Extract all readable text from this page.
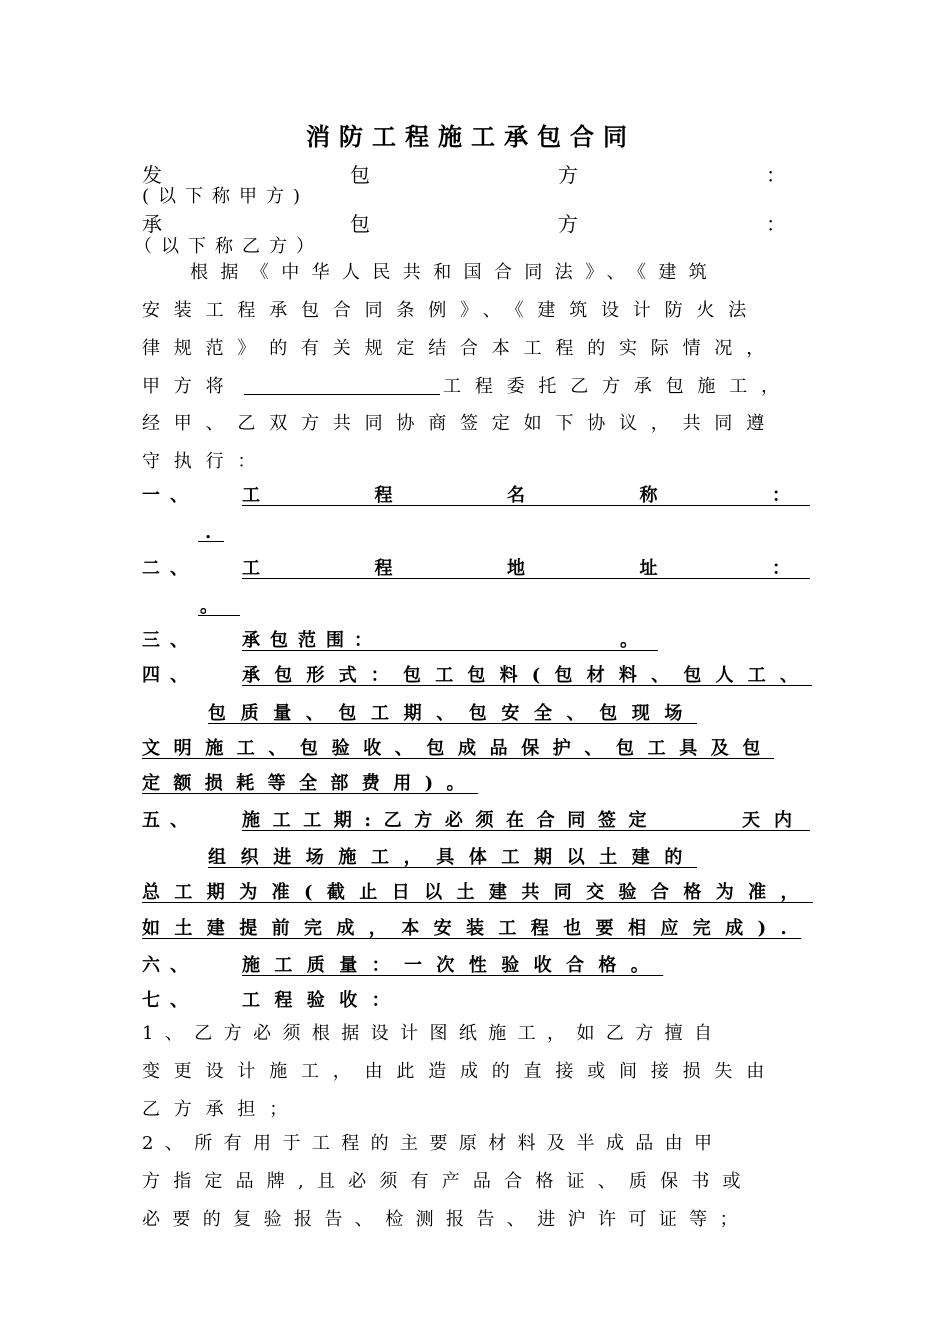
消防工程施工承包合同
发	包	方	：
(以下称甲方)
承	包	方	：
（以下称乙方）
根据《中华人民共和国合同法》、《建筑
安装工程承包合同条例》、《建筑设计防火法
律规范》的有关规定结合本工程的实际情况，
甲方将	工程委托乙方承包施工，
经甲、乙双方共同协商签定如下协议，共同遵
守执行：
一、 工	程	名	称	：
.
二、 工	程	地	址	：
。
三、 承包范围：	。
四、 承包形式：包工包料(包材料、包人工、
包质量、包工期、包安全、包现场
文明施工、包验收、包成品保护、包工具及包
定额损耗等全部费用)。
五、 施工工期:乙方必须在合同签定	天内
组织进场施工，具体工期以土建的
总工期为准(截止日以土建共同交验合格为准，
如土建提前完成，本安装工程也要相应完成).
六、 施工质量：一次性验收合格。
七、 工程验收：
1、乙方必须根据设计图纸施工，如乙方擅自
变更设计施工，由此造成的直接或间接损失由
乙方承担；
2、所有用于工程的主要原材料及半成品由甲
方指定品牌,且必须有产品合格证、质保书或
必要的复验报告、检测报告、进沪许可证等；
